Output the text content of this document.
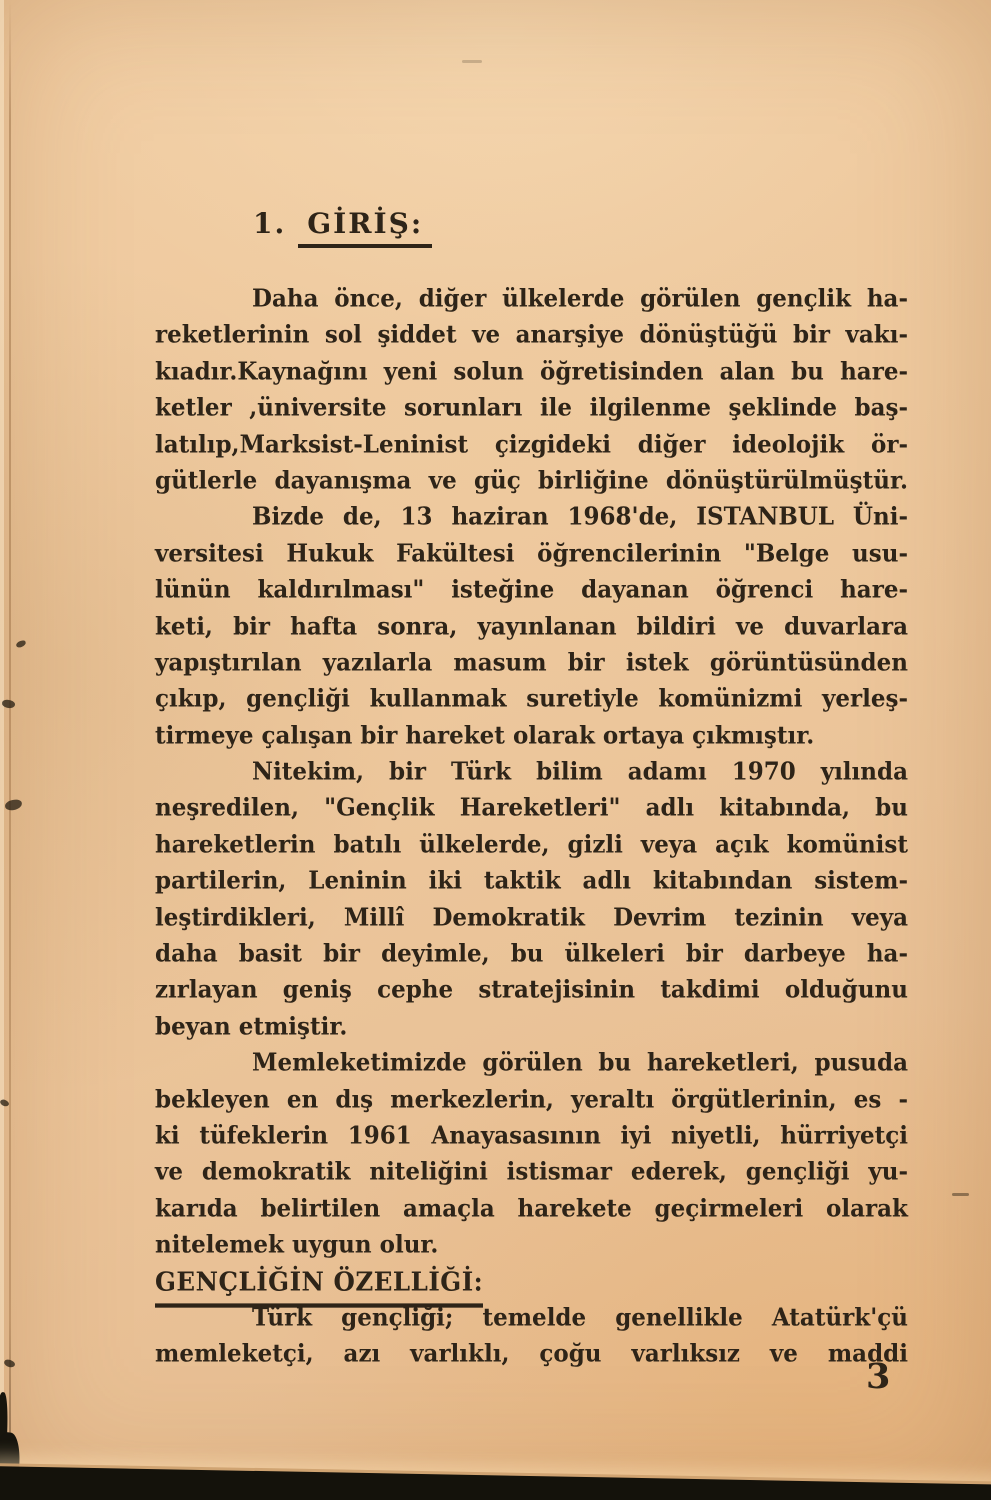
1. GİRİŞ:
Daha önce, diğer ülkelerde görülen gençlik ha-
reketlerinin sol şiddet ve anarşiye dönüştüğü bir vakı-
kıadır.Kaynağını yeni solun öğretisinden alan bu hare-
ketler ,üniversite sorunları ile ilgilenme şeklinde baş-
latılıp,Marksist-Leninist çizgideki diğer ideolojik ör-
gütlerle dayanışma ve güç birliğine dönüştürülmüştür.
Bizde de, 13 haziran 1968'de, ISTANBUL Üni-
versitesi Hukuk Fakültesi öğrencilerinin "Belge usu-
lünün kaldırılması" isteğine dayanan öğrenci hare-
keti, bir hafta sonra, yayınlanan bildiri ve duvarlara
yapıştırılan yazılarla masum bir istek görüntüsünden
çıkıp, gençliği kullanmak suretiyle komünizmi yerleş-
tirmeye çalışan bir hareket olarak ortaya çıkmıştır.
Nitekim, bir Türk bilim adamı 1970 yılında
neşredilen, "Gençlik Hareketleri" adlı kitabında, bu
hareketlerin batılı ülkelerde, gizli veya açık komünist
partilerin, Leninin iki taktik adlı kitabından sistem-
leştirdikleri, Millî Demokratik Devrim tezinin veya
daha basit bir deyimle, bu ülkeleri bir darbeye ha-
zırlayan geniş cephe stratejisinin takdimi olduğunu
beyan etmiştir.
Memleketimizde görülen bu hareketleri, pusuda
bekleyen en dış merkezlerin, yeraltı örgütlerinin, es -
ki tüfeklerin 1961 Anayasasının iyi niyetli, hürriyetçi
ve demokratik niteliğini istismar ederek, gençliği yu-
karıda belirtilen amaçla harekete geçirmeleri olarak
nitelemek uygun olur.
GENÇLİĞİN ÖZELLİĞİ:
Türk gençliği; temelde genellikle Atatürk'çü
memleketçi, azı varlıklı, çoğu varlıksız ve maddi
3
